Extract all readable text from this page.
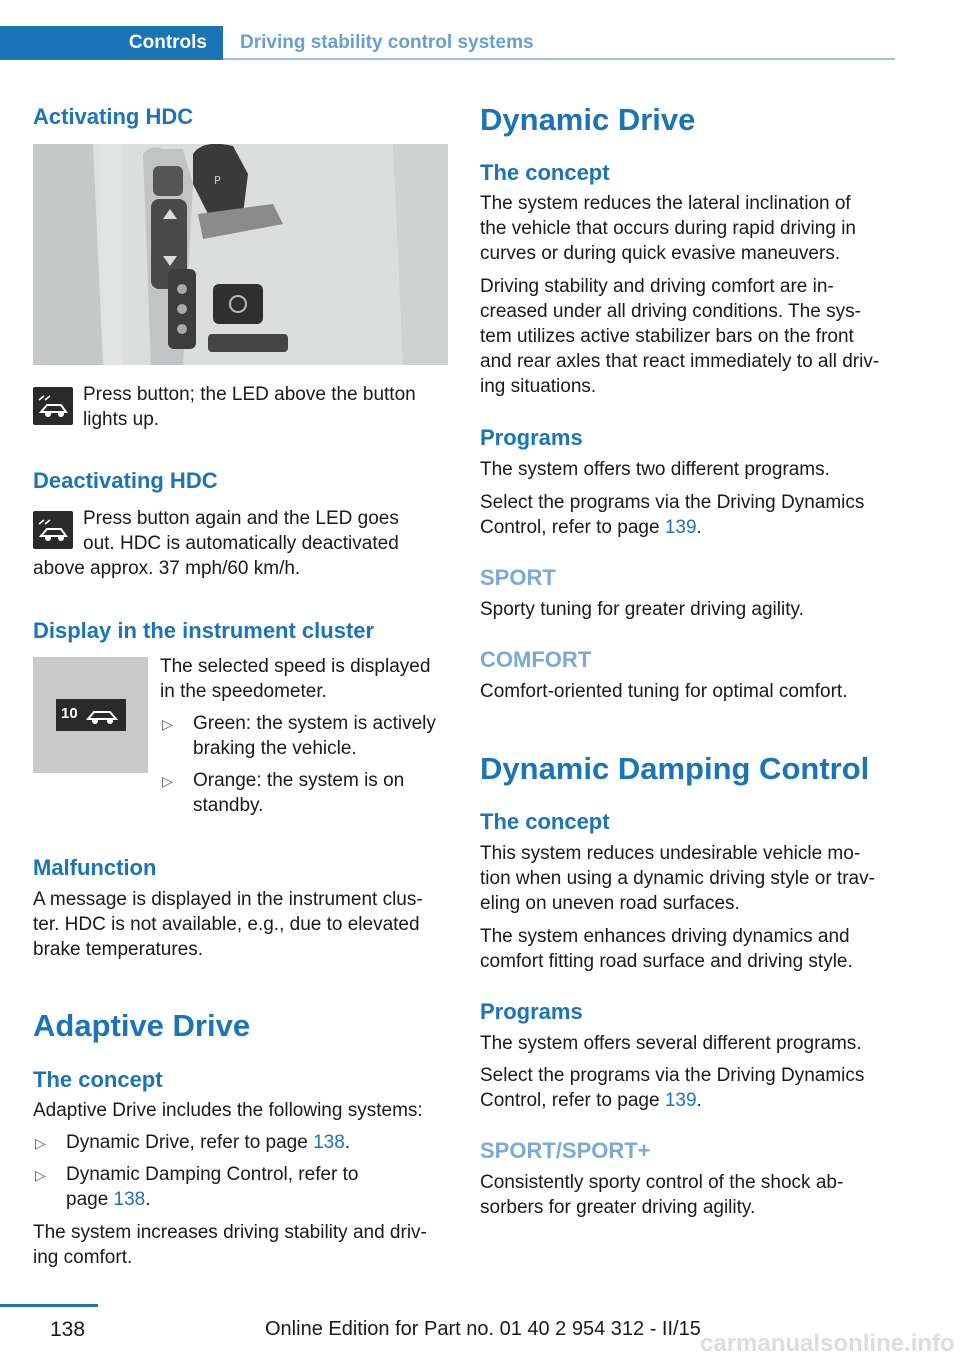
Controls	Driving stability control systems
Activating HDC
P
Press button; the LED above the button
lights up.
Deactivating HDC
Press button again and the LED goes
out. HDC is automatically deactivated
above approx. 37 mph/60 km/h.
Display in the instrument cluster
10
The selected speed is displayed
in the speedometer.
▷ Green: the system is actively
braking the vehicle.
▷ Orange: the system is on
standby.
Malfunction
A message is displayed in the instrument clus-
ter. HDC is not available, e.g., due to elevated
brake temperatures.
Adaptive Drive
The concept
Adaptive Drive includes the following systems:
▷ Dynamic Drive, refer to page 138.
▷ Dynamic Damping Control, refer to
page 138.
The system increases driving stability and driv-
ing comfort.
Dynamic Drive
The concept
The system reduces the lateral inclination of
the vehicle that occurs during rapid driving in
curves or during quick evasive maneuvers.
Driving stability and driving comfort are in-
creased under all driving conditions. The sys-
tem utilizes active stabilizer bars on the front
and rear axles that react immediately to all driv-
ing situations.
Programs
The system offers two different programs.
Select the programs via the Driving Dynamics
Control, refer to page 139.
SPORT
Sporty tuning for greater driving agility.
COMFORT
Comfort-oriented tuning for optimal comfort.
Dynamic Damping Control
The concept
This system reduces undesirable vehicle mo-
tion when using a dynamic driving style or trav-
eling on uneven road surfaces.
The system enhances driving dynamics and
comfort fitting road surface and driving style.
Programs
The system offers several different programs.
Select the programs via the Driving Dynamics
Control, refer to page 139.
SPORT/SPORT+
Consistently sporty control of the shock ab-
sorbers for greater driving agility.
138	Online Edition for Part no. 01 40 2 954 312 - II/15
carmanualsonline.info
